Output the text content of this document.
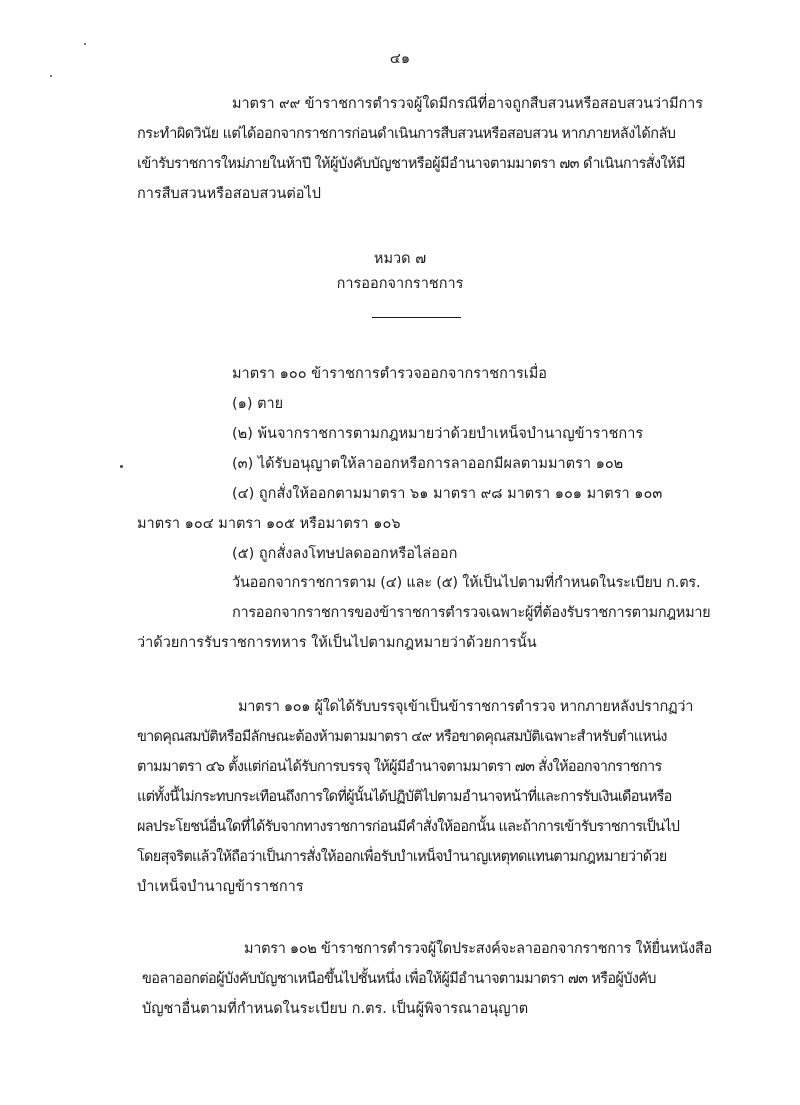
๔๑
มาตรา ๙๙ ข้าราชการตำรวจผู้ใดมีกรณีที่อาจถูกสืบสวนหรือสอบสวนว่ามีการ
กระทำผิดวินัย แต่ได้ออกจากราชการก่อนดำเนินการสืบสวนหรือสอบสวน หากภายหลังได้กลับ
เข้ารับราชการใหม่ภายในห้าปี ให้ผู้บังคับบัญชาหรือผู้มีอำนาจตามมาตรา ๗๓ ดำเนินการสั่งให้มี
การสืบสวนหรือสอบสวนต่อไป
หมวด ๗
การออกจากราชการ
มาตรา ๑๐๐ ข้าราชการตำรวจออกจากราชการเมื่อ
(๑) ตาย
(๒) พ้นจากราชการตามกฎหมายว่าด้วยบำเหน็จบำนาญข้าราชการ
(๓) ได้รับอนุญาตให้ลาออกหรือการลาออกมีผลตามมาตรา ๑๐๒
(๔) ถูกสั่งให้ออกตามมาตรา ๖๑ มาตรา ๙๘ มาตรา ๑๐๑ มาตรา ๑๐๓
มาตรา ๑๐๔ มาตรา ๑๐๕ หรือมาตรา ๑๐๖
(๕) ถูกสั่งลงโทษปลดออกหรือไล่ออก
วันออกจากราชการตาม (๔) และ (๕) ให้เป็นไปตามที่กำหนดในระเบียบ ก.ตร.
การออกจากราชการของข้าราชการตำรวจเฉพาะผู้ที่ต้องรับราชการตามกฎหมาย
ว่าด้วยการรับราชการทหาร ให้เป็นไปตามกฎหมายว่าด้วยการนั้น
มาตรา ๑๐๑ ผู้ใดได้รับบรรจุเข้าเป็นข้าราชการตำรวจ หากภายหลังปรากฏว่า
ขาดคุณสมบัติหรือมีลักษณะต้องห้ามตามมาตรา ๔๙ หรือขาดคุณสมบัติเฉพาะสำหรับตำแหน่ง
ตามมาตรา ๔๖ ตั้งแต่ก่อนได้รับการบรรจุ ให้ผู้มีอำนาจตามมาตรา ๗๓ สั่งให้ออกจากราชการ
แต่ทั้งนี้ไม่กระทบกระเทือนถึงการใดที่ผู้นั้นได้ปฏิบัติไปตามอำนาจหน้าที่และการรับเงินเดือนหรือ
ผลประโยชน์อื่นใดที่ได้รับจากทางราชการก่อนมีคำสั่งให้ออกนั้น และถ้าการเข้ารับราชการเป็นไป
โดยสุจริตแล้วให้ถือว่าเป็นการสั่งให้ออกเพื่อรับบำเหน็จบำนาญเหตุทดแทนตามกฎหมายว่าด้วย
บำเหน็จบำนาญข้าราชการ
มาตรา ๑๐๒ ข้าราชการตำรวจผู้ใดประสงค์จะลาออกจากราชการ ให้ยื่นหนังสือ
ขอลาออกต่อผู้บังคับบัญชาเหนือขึ้นไปชั้นหนึ่ง เพื่อให้ผู้มีอำนาจตามมาตรา ๗๓ หรือผู้บังคับ
บัญชาอื่นตามที่กำหนดในระเบียบ ก.ตร. เป็นผู้พิจารณาอนุญาต
